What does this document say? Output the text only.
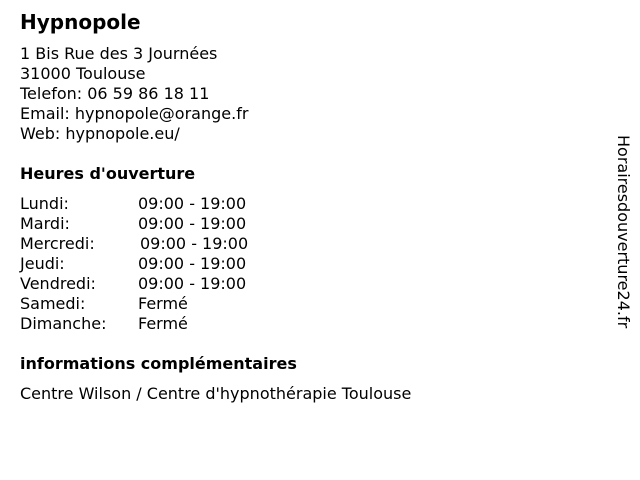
Hypnopole
1 Bis Rue des 3 Journées
31000 Toulouse
Telefon: 06 59 86 18 11
Email: hypnopole@orange.fr
Web: hypnopole.eu/
Heures d'ouverture
Lundi:	09:00 - 19:00
Mardi:	09:00 - 19:00
Mercredi:	09:00 - 19:00
Jeudi:	09:00 - 19:00
Vendredi:	09:00 - 19:00
Samedi:	Fermé
Dimanche: Fermé
informations complémentaires
Centre Wilson / Centre d'hypnothérapie Toulouse
Horairesdouverture24.fr
